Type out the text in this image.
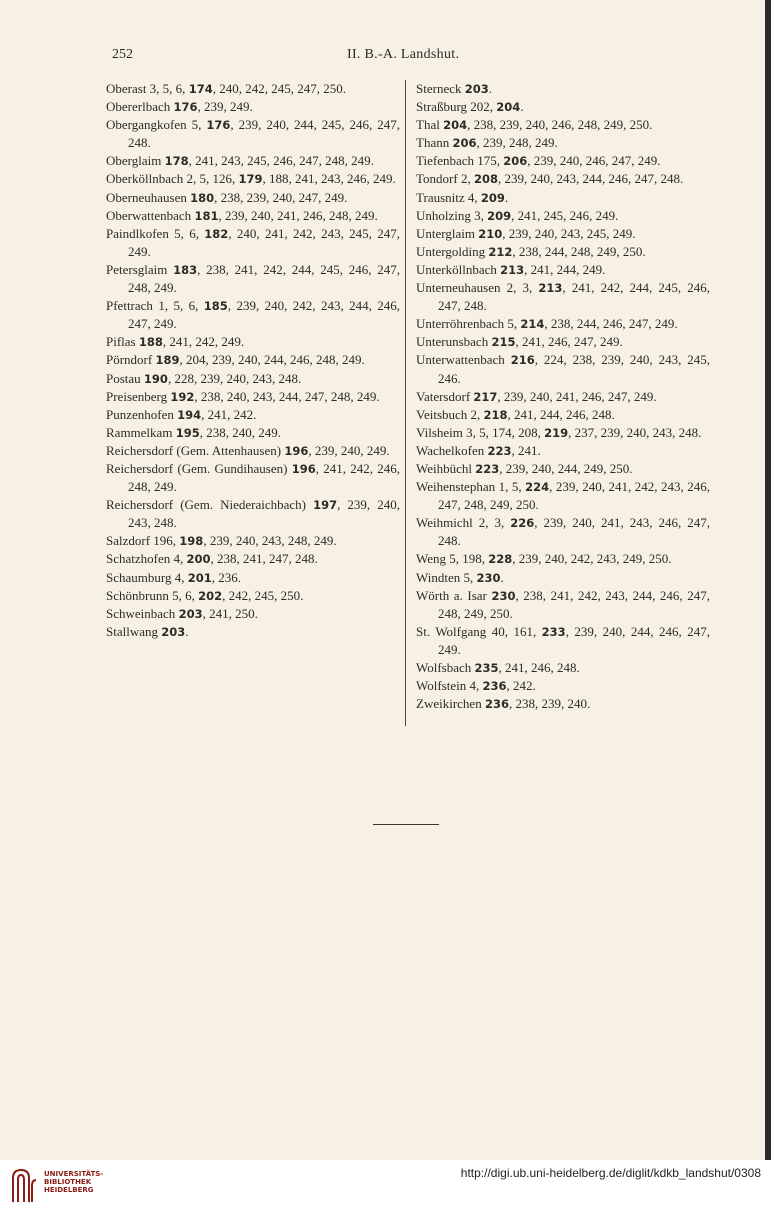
252	II. B.-A. Landshut.
Oberast 3, 5, 6, 174, 240, 242, 245, 247, 250.
Obererlbach 176, 239, 249.
Obergangkofen 5, 176, 239, 240, 244, 245, 246, 247, 248.
Oberglaim 178, 241, 243, 245, 246, 247, 248, 249.
Oberköllnbach 2, 5, 126, 179, 188, 241, 243, 246, 249.
Oberneuhausen 180, 238, 239, 240, 247, 249.
Oberwattenbach 181, 239, 240, 241, 246, 248, 249.
Paindlkofen 5, 6, 182, 240, 241, 242, 243, 245, 247, 249.
Petersglaim 183, 238, 241, 242, 244, 245, 246, 247, 248, 249.
Pfettrach 1, 5, 6, 185, 239, 240, 242, 243, 244, 246, 247, 249.
Piflas 188, 241, 242, 249.
Pörndorf 189, 204, 239, 240, 244, 246, 248, 249.
Postau 190, 228, 239, 240, 243, 248.
Preisenberg 192, 238, 240, 243, 244, 247, 248, 249.
Punzenhofen 194, 241, 242.
Rammelkam 195, 238, 240, 249.
Reichersdorf (Gem. Attenhausen) 196, 239, 240, 249.
Reichersdorf (Gem. Gundihausen) 196, 241, 242, 246, 248, 249.
Reichersdorf (Gem. Niederaichbach) 197, 239, 240, 243, 248.
Salzdorf 196, 198, 239, 240, 243, 248, 249.
Schatzhofen 4, 200, 238, 241, 247, 248.
Schaumburg 4, 201, 236.
Schönbrunn 5, 6, 202, 242, 245, 250.
Schweinbach 203, 241, 250.
Stallwang 203.
Sterneck 203.
Straßburg 202, 204.
Thal 204, 238, 239, 240, 246, 248, 249, 250.
Thann 206, 239, 248, 249.
Tiefenbach 175, 206, 239, 240, 246, 247, 249.
Tondorf 2, 208, 239, 240, 243, 244, 246, 247, 248.
Trausnitz 4, 209.
Unholzing 3, 209, 241, 245, 246, 249.
Unterglaim 210, 239, 240, 243, 245, 249.
Untergolding 212, 238, 244, 248, 249, 250.
Unterköllnbach 213, 241, 244, 249.
Unterneuhausen 2, 3, 213, 241, 242, 244, 245, 246, 247, 248.
Unterröhrenbach 5, 214, 238, 244, 246, 247, 249.
Unterunsbach 215, 241, 246, 247, 249.
Unterwattenbach 216, 224, 238, 239, 240, 243, 245, 246.
Vatersdorf 217, 239, 240, 241, 246, 247, 249.
Veitsbuch 2, 218, 241, 244, 246, 248.
Vilsheim 3, 5, 174, 208, 219, 237, 239, 240, 243, 248.
Wachelkofen 223, 241.
Weihbüchl 223, 239, 240, 244, 249, 250.
Weihenstephan 1, 5, 224, 239, 240, 241, 242, 243, 246, 247, 248, 249, 250.
Weihmichl 2, 3, 226, 239, 240, 241, 243, 246, 247, 248.
Weng 5, 198, 228, 239, 240, 242, 243, 249, 250.
Windten 5, 230.
Wörth a. Isar 230, 238, 241, 242, 243, 244, 246, 247, 248, 249, 250.
St. Wolfgang 40, 161, 233, 239, 240, 244, 246, 247, 249.
Wolfsbach 235, 241, 246, 248.
Wolfstein 4, 236, 242.
Zweikirchen 236, 238, 239, 240.
UNIVERSITÄTS-
BIBLIOTHEK
HEIDELBERG
http://digi.ub.uni-heidelberg.de/diglit/kdkb_landshut/0308
